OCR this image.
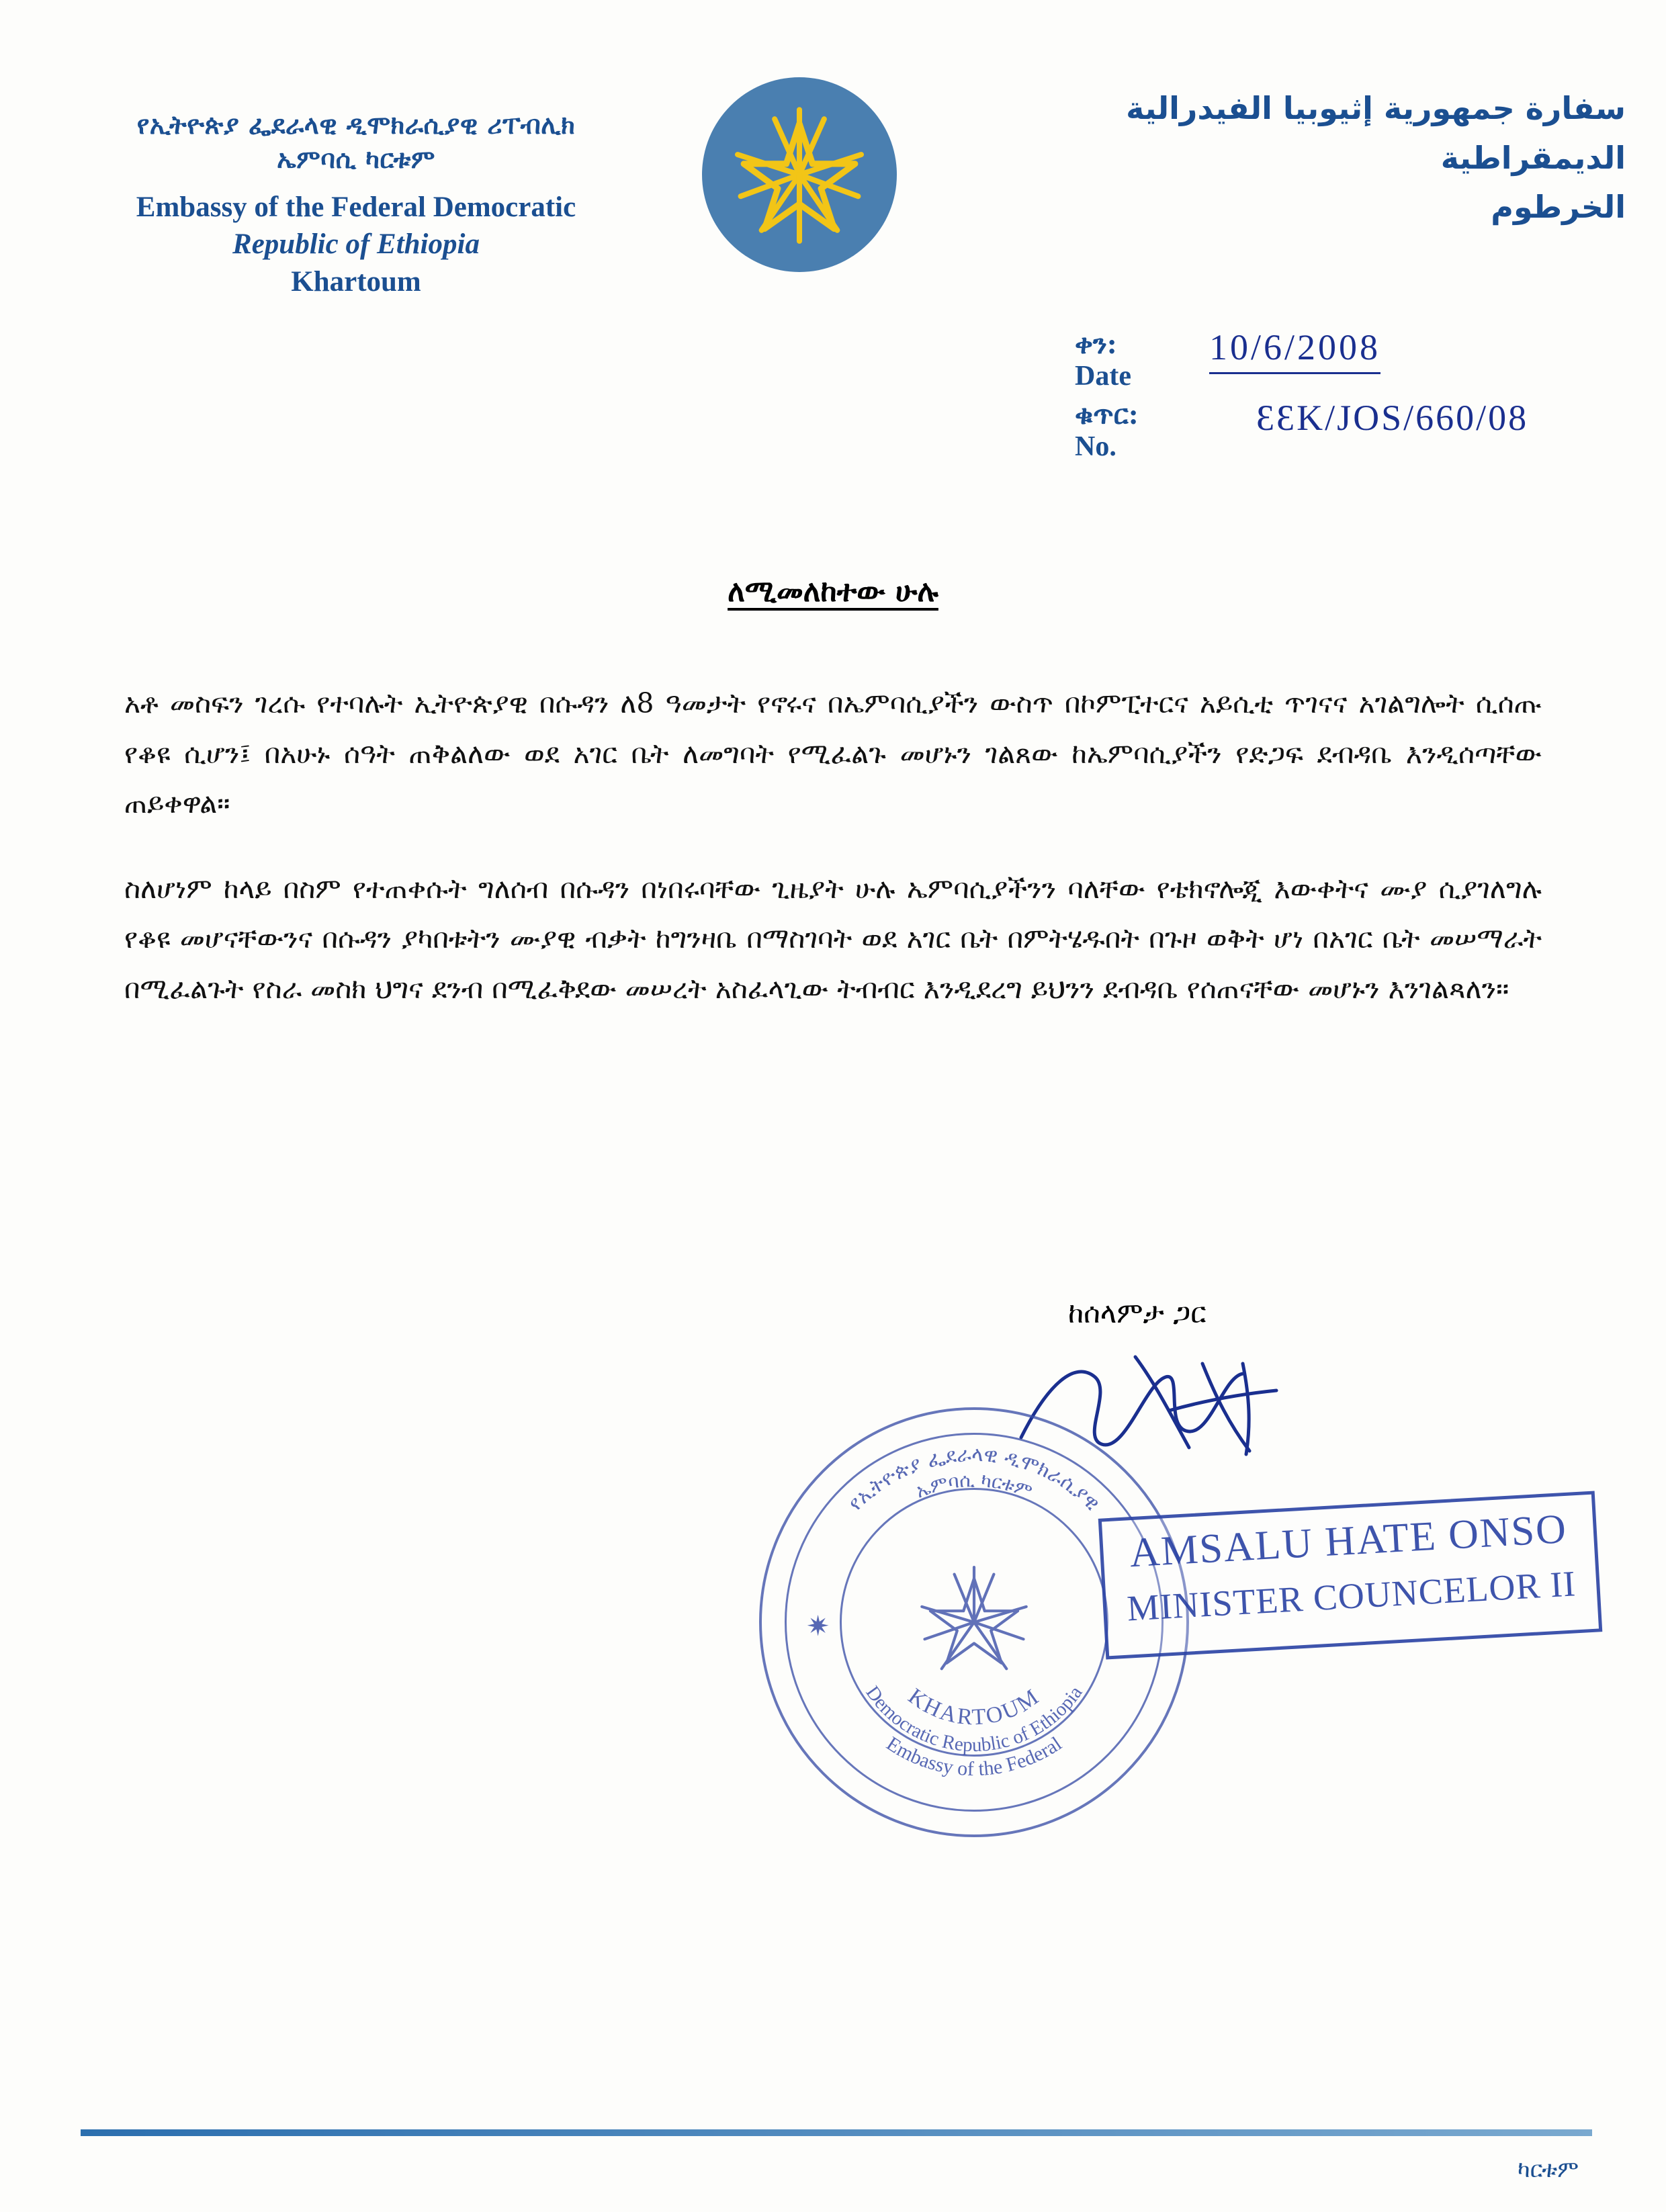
የኢትዮጵያ ፌደራላዊ ዲሞክራሲያዊ ሪፐብሊክ
ኤምባሲ ካርቱም
Embassy of the Federal Democratic
Republic of Ethiopia
Khartoum
سفارة جمهورية إثيوبيا الفيدرالية
الديمقراطية
الخرطوم
ቀን:
Date
10/6/2008
ቁጥር:
No.
ƐƐK/JOS/660/08
ለሚመለከተው ሁሉ

አቶ መስፍን ገረሱ የተባሉት ኢትዮጵያዊ በሱዳን ለ8 ዓመታት የኖሩና በኤምባሲያችን ውስጥ በኮምፒተርና አይሲቲ ጥገናና አገልግሎት ሲሰጡ የቆዩ ሲሆን፤ በአሁኑ ሰዓት ጠቅልለው ወደ አገር ቤት ለመግባት የሚፈልጉ መሆኑን ገልጸው ከኤምባሲያችን የድጋፍ ደብዳቤ እንዲሰጣቸው ጠይቀዋል።

ስለሆነም ከላይ በስም የተጠቀሱት ግለሰብ በሱዳን በነበሩባቸው ጊዜያት ሁሉ ኤምባሲያችንን ባለቸው የቴክኖሎጂ እውቀትና ሙያ ሲያገለግሉ የቆዩ መሆናቸውንና በሱዳን ያካበቱትን ሙያዊ ብቃት ከግንዛቤ በማስገባት ወደ አገር ቤት በምትሄዱበት በጉዞ ወቅት ሆነ በአገር ቤት መሠማራት በሚፈልጉት የስራ መስክ ህግና ደንብ በሚፈቅደው መሠረት አስፈላጊው ትብብር እንዲደረግ ይህንን ደብዳቤ የሰጠናቸው መሆኑን እንገልጻለን።

ከሰላምታ ጋር
የኢትዮጵያ ፌደራላዊ ዲሞክራሲያዊ
ኤምባሲ ካርቱም
Embassy of the Federal
Democratic Republic of Ethiopia
KHARTOUM
✷
AMSALU HATE ONSO
MINISTER COUNCELOR II
ካርቱም
